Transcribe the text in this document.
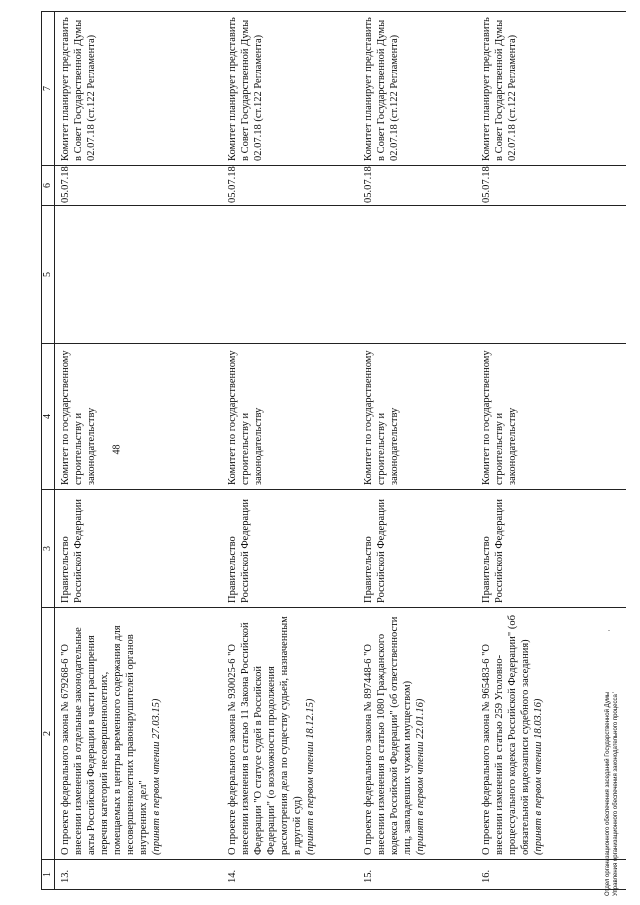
48
1	2	3	4	5	6	7
13.	О проекте федерального закона № 679268-6 "О внесении изменений в отдельные законодательные акты Российской Федерации в части расширения перечня категорий несовершеннолетних, помещаемых в центры временного содержания для несовершеннолетних правонарушителей органов внутренних дел" (принят в первом чтении 27.03.15)	Правительство Российской Федерации	Комитет по государственному строительству и законодательству		05.07.18	Комитет планирует представить в Совет Государственной Думы 02.07.18 (ст.122 Регламента)
14.	О проекте федерального закона № 930025-6 "О внесении изменения в статью 11 Закона Российской Федерации "О статусе судей в Российской Федерации" (о возможности продолжения рассмотрения дела по существу судьей, назначенным в другой суд) (принят в первом чтении 18.12.15)	Правительство Российской Федерации	Комитет по государственному строительству и законодательству		05.07.18	Комитет планирует представить в Совет Государственной Думы 02.07.18 (ст.122 Регламента)
15.	О проекте федерального закона № 897448-6 "О внесении изменения в статью 1080 Гражданского кодекса Российской Федерации" (об ответственности лиц, завладевших чужим имуществом) (принят в первом чтении 22.01.16)	Правительство Российской Федерации	Комитет по государственному строительству и законодательству		05.07.18	Комитет планирует представить в Совет Государственной Думы 02.07.18 (ст.122 Регламента)
16.	О проекте федерального закона № 965483-6 "О внесении изменений в статью 259 Уголовно-процессуального кодекса Российской Федерации" (об обязательной видеозаписи судебного заседания) (принят в первом чтении 18.03.16)	Правительство Российской Федерации	Комитет по государственному строительству и законодательству		05.07.18	Комитет планирует представить в Совет Государственной Думы 02.07.18 (ст.122 Регламента)
Отдел организационного обеспечения заседаний Государственной Думы Управления организационного обеспечения законодательного процесса
·
·
